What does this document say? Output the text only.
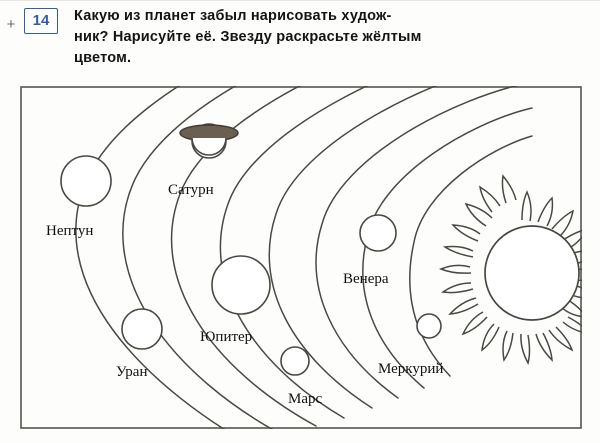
+	14	Какую из планет забыл нарисовать худож-
ник? Нарисуйте её. Звезду раскрасьте жёлтым
цветом.
Сатурн
Нептун
Уран
Юпитер
Марс
Венера
Меркурий
